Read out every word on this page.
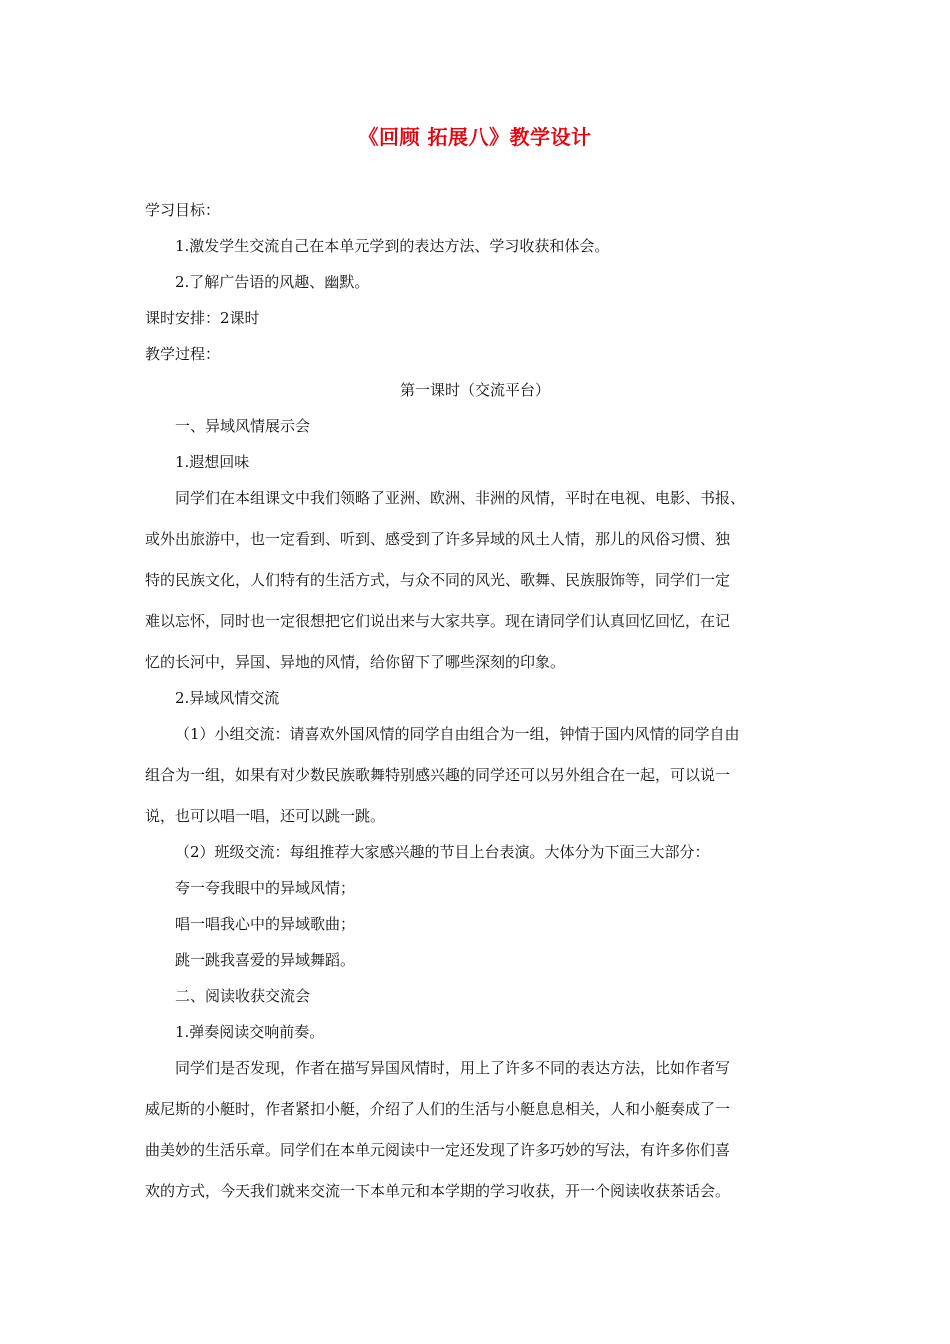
《回顾 拓展八》教学设计
学习目标：
1.激发学生交流自己在本单元学到的表达方法、学习收获和体会。
2.了解广告语的风趣、幽默。
课时安排：2课时
教学过程：
第一课时（交流平台）
一、异域风情展示会
1.遐想回味
同学们在本组课文中我们领略了亚洲、欧洲、非洲的风情，平时在电视、电影、书报、
或外出旅游中，也一定看到、听到、感受到了许多异域的风土人情，那儿的风俗习惯、独
特的民族文化，人们特有的生活方式，与众不同的风光、歌舞、民族服饰等，同学们一定
难以忘怀，同时也一定很想把它们说出来与大家共享。现在请同学们认真回忆回忆，在记
忆的长河中，异国、异地的风情，给你留下了哪些深刻的印象。
2.异域风情交流
（1）小组交流：请喜欢外国风情的同学自由组合为一组，钟情于国内风情的同学自由
组合为一组，如果有对少数民族歌舞特别感兴趣的同学还可以另外组合在一起，可以说一
说，也可以唱一唱，还可以跳一跳。
（2）班级交流：每组推荐大家感兴趣的节目上台表演。大体分为下面三大部分：
夸一夸我眼中的异域风情；
唱一唱我心中的异域歌曲；
跳一跳我喜爱的异域舞蹈。
二、阅读收获交流会
1.弹奏阅读交响前奏。
同学们是否发现，作者在描写异国风情时，用上了许多不同的表达方法，比如作者写
威尼斯的小艇时，作者紧扣小艇，介绍了人们的生活与小艇息息相关，人和小艇奏成了一
曲美妙的生活乐章。同学们在本单元阅读中一定还发现了许多巧妙的写法，有许多你们喜
欢的方式，今天我们就来交流一下本单元和本学期的学习收获，开一个阅读收获茶话会。
